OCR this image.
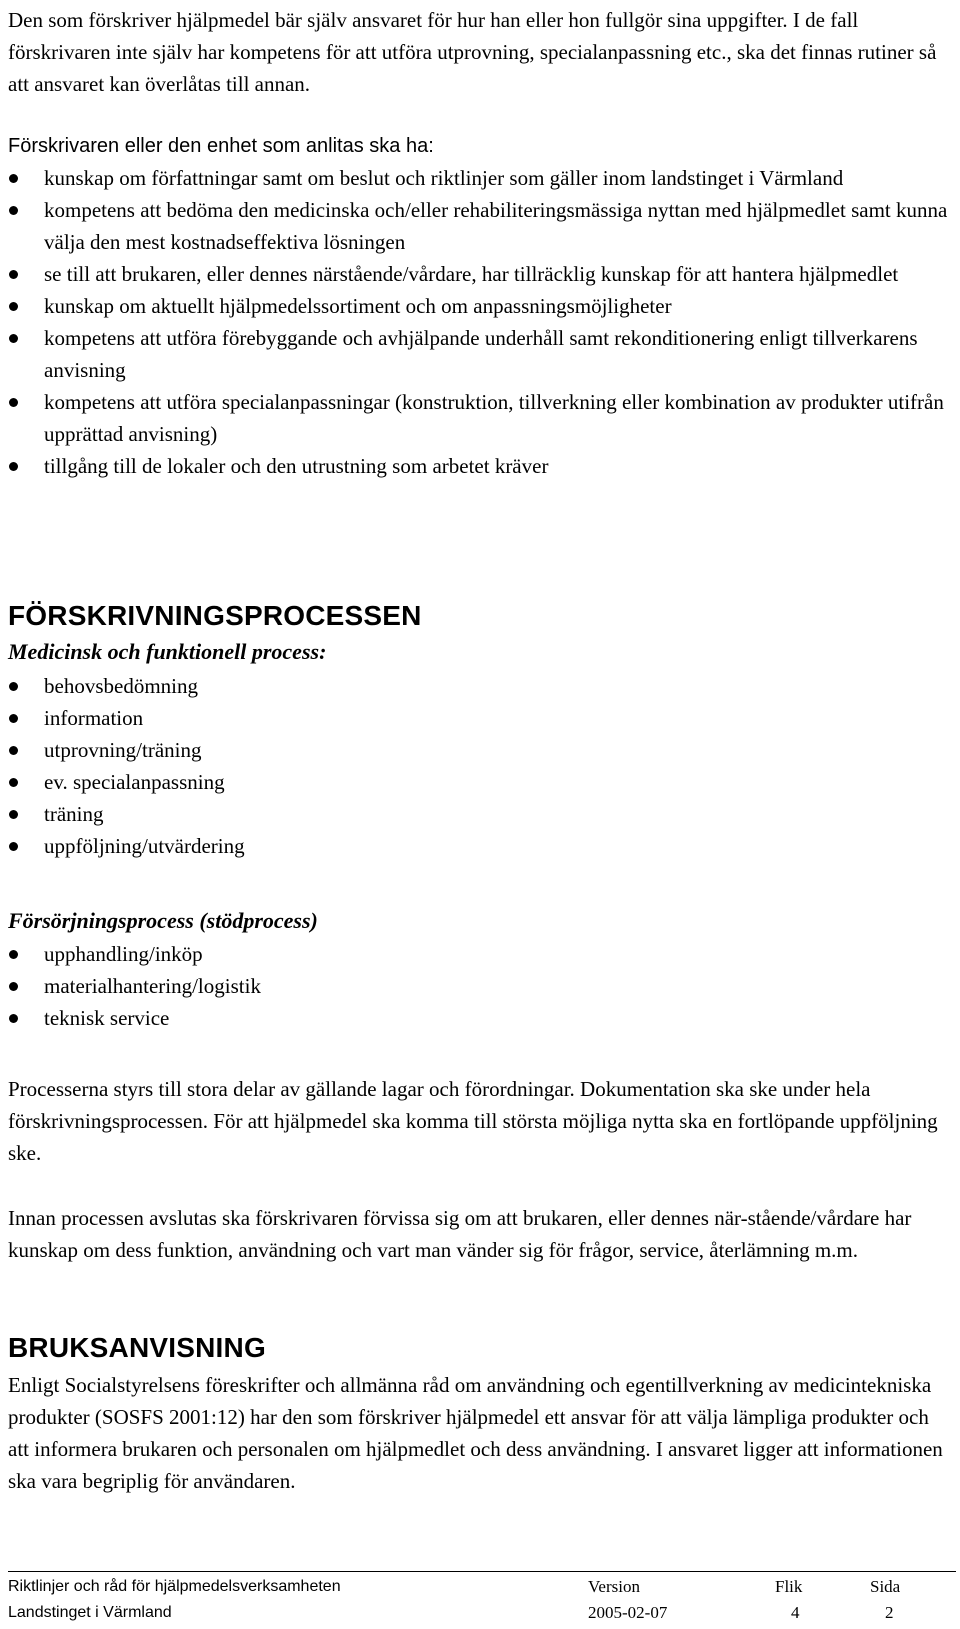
Den som förskriver hjälpmedel bär själv ansvaret för hur han eller hon fullgör sina uppgifter. I de fall förskrivaren inte själv har kompetens för att utföra utprovning, specialanpassning etc., ska det finnas rutiner så att ansvaret kan överlåtas till annan.

Förskrivaren eller den enhet som anlitas ska ha:

kunskap om författningar samt om beslut och riktlinjer som gäller inom landstinget i Värmland
kompetens att bedöma den medicinska och/eller rehabiliteringsmässiga nyttan med hjälpmedlet samt kunna välja den mest kostnadseffektiva lösningen
se till att brukaren, eller dennes närstående/vårdare, har tillräcklig kunskap för att hantera hjälpmedlet
kunskap om aktuellt hjälpmedelssortiment och om anpassningsmöjligheter
kompetens att utföra förebyggande och avhjälpande underhåll samt rekonditionering enligt tillverkarens anvisning
kompetens att utföra specialanpassningar (konstruktion, tillverkning eller kombination av produkter utifrån upprättad anvisning)
tillgång till de lokaler och den utrustning som arbetet kräver
FÖRSKRIVNINGSPROCESSEN
Medicinsk och funktionell process:
behovsbedömning
information
utprovning/träning
ev. specialanpassning
träning
uppföljning/utvärdering
Försörjningsprocess (stödprocess)
upphandling/inköp
materialhantering/logistik
teknisk service

Processerna styrs till stora delar av gällande lagar och förordningar. Dokumentation ska ske under hela förskrivningsprocessen. För att hjälpmedel ska komma till största möjliga nytta ska en fortlöpande uppföljning ske.

Innan processen avslutas ska förskrivaren förvissa sig om att brukaren, eller dennes när-stående/vårdare har kunskap om dess funktion, användning och vart man vänder sig för frågor, service, återlämning m.m.

BRUKSANVISNING

Enligt Socialstyrelsens föreskrifter och allmänna råd om användning och egentillverkning av medicintekniska produkter (SOSFS 2001:12) har den som förskriver hjälpmedel ett ansvar för att välja lämpliga produkter och att informera brukaren och personalen om hjälpmedlet och dess användning. I ansvaret ligger att informationen ska vara begriplig för användaren.

Riktlinjer och råd för hjälpmedelsverksamheten	Version	Flik	Sida
Landstinget i Värmland	2005-02-07	4	2
